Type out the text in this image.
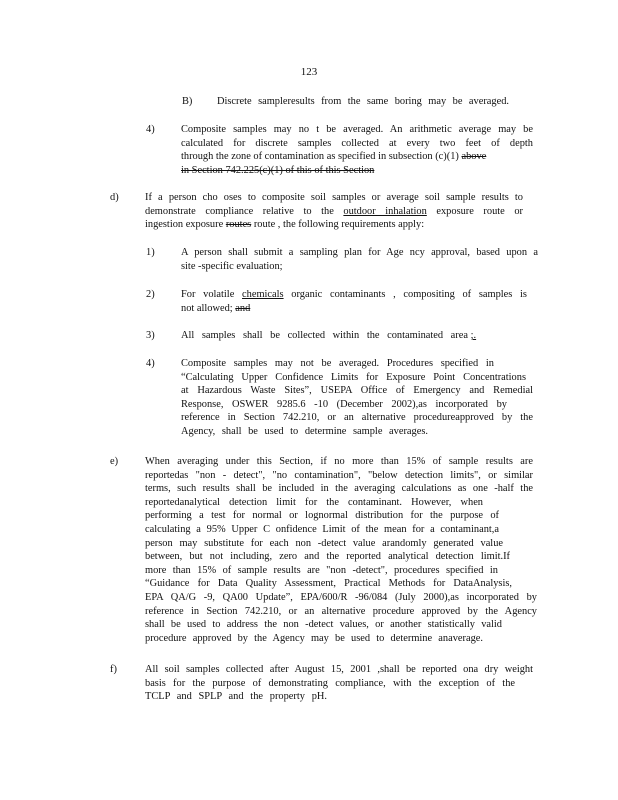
123
B) Discrete sampleresults from the same boring may be averaged.
4)	Composite samples may no t be averaged. An arithmetic average may be
calculated for discrete samples collected at every two feet of depth
through the zone of contamination as specified in subsection (c)(1) above
in Section 742.225(c)(1) of this of this Section
d)	If a person cho oses to composite soil samples or average soil sample results to
demonstrate compliance relative to the outdoor inhalation exposure route or
ingestion exposure routes route , the following requirements apply:
1)	A person shall submit a sampling plan for Age ncy approval, based upon a
site -specific evaluation;
2)	For volatile chemicals organic contaminants , compositing of samples is
not allowed; and
3)	All samples shall be collected within the contaminated area ;.
4)	Composite samples may not be averaged. Procedures specified in
“Calculating Upper Confidence Limits for Exposure Point Concentrations
at Hazardous Waste Sites”, USEPA Office of Emergency and Remedial
Response, OSWER 9285.6 -10 (December 2002),as incorporated by
reference in Section 742.210, or an alternative procedureapproved by the
Agency, shall be used to determine sample averages.
e)	When averaging under this Section, if no more than 15% of sample results are
reportedas "non - detect", "no contamination", "below detection limits", or similar
terms, such results shall be included in the averaging calculations as one -half the
reportedanalytical detection limit for the contaminant. However, when
performing a test for normal or lognormal distribution for the purpose of
calculating a 95% Upper C onfidence Limit of the mean for a contaminant,a
person may substitute for each non -detect value arandomly generated value
between, but not including, zero and the reported analytical detection limit.If
more than 15% of sample results are "non -detect", procedures specified in
“Guidance for Data Quality Assessment, Practical Methods for DataAnalysis,
EPA QA/G -9, QA00 Update”, EPA/600/R -96/084 (July 2000),as incorporated by
reference in Section 742.210, or an alternative procedure approved by the Agency
shall be used to address the non -detect values, or another statistically valid
procedure approved by the Agency may be used to determine anaverage.
f)	All soil samples collected after August 15, 2001 ,shall be reported ona dry weight
basis for the purpose of demonstrating compliance, with the exception of the
TCLP and SPLP and the property pH.
